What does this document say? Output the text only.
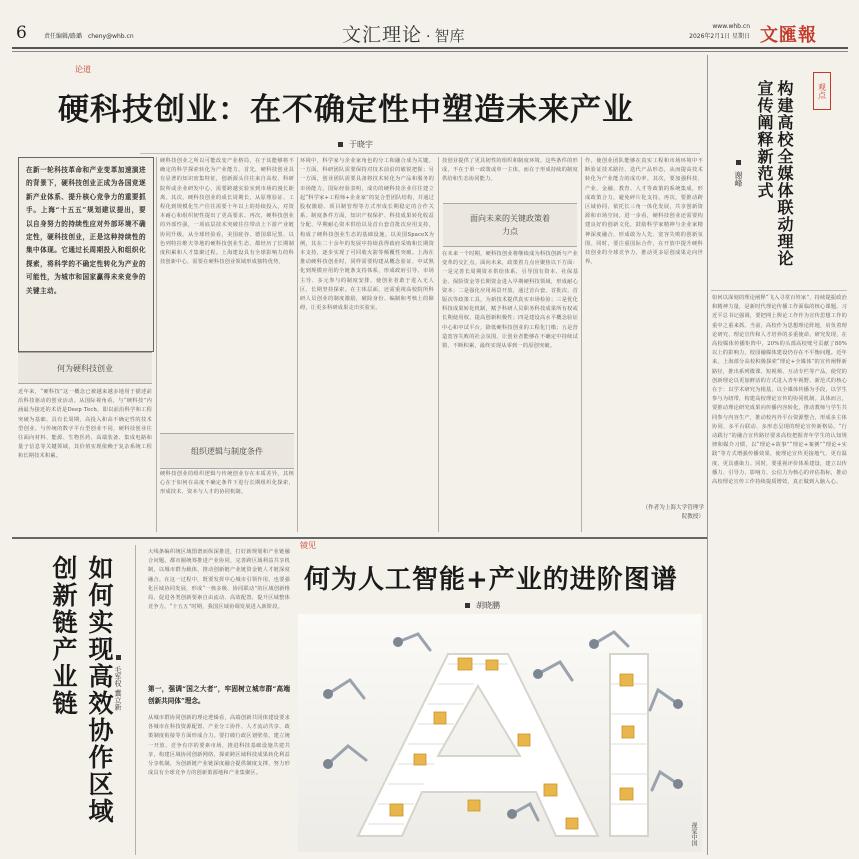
6	责任编辑/路璐 cheny@whb.cn	文汇理论 · 智库
www.whb.cn
2026年2月1日 星期日 文匯報
论道
硬科技创业：在不确定性中塑造未来产业
于晓宇
在新一轮科技革命和产业变革加速演进的背景下，硬科技创业正成为各国竞逐新产业体系、提升核心竞争力的重要抓手。上海“十五五”规划建议提出，要以自身努力的持续性应对外部环境不确定性，硬科技创业，正是这种持续性的集中体现。它通过长周期投入和组织化探索，将科学的不确定性转化为产业的可能性，为城市和国家赢得未来竞争的关键主动。
何为硬科技创业
近年来，“硬科技”这一概念已被越来越多地用于描述前沿科技驱动的创业活动。从国际视角看，与“硬科技”内涵最为接近的术语是Deep Tech，即以前沿科学和工程突破为基础、具有长周期、高投入和高不确定性的技术型创业。与传统的数字平台型创业不同，硬科技创业往往面向材料、能源、生物医药、高端装备、集成电路和量子信息等关键领域，其价值实现依赖于复杂系统工程和长期技术积累。
硬科技创业之所以可能改变产业格局，在于其能够将不确定的科学探索转化为产业能力。首先，硬科技创业具有显著的知识密集特征，创新源头往往来自高校、科研院所或企业研发中心，需要跨越实验室到市场的漫长距离。其次，硬科技创业的成长周期长，从原理验证、工程化到规模化生产往往需要十年以上的持续投入，对资本耐心和组织韧性提出了更高要求。再次，硬科技创业的外部性强，一项底层技术突破往往带动上下游产业链协同升级。从全球经验看，美国硅谷、德国慕尼黑、以色列特拉维夫等地的硬科技创业生态，都经历了长期制度积累和人才集聚过程。上海建设具有全球影响力的科技创新中心，需要在硬科技创业领域形成独特优势。
组织逻辑与制度条件
硬科技创业的组织逻辑与传统创业存在本质差异，其核心在于如何在高度不确定条件下进行长期组织化探索，形成技术、资本与人才的协同机制。
环境中，科学家与企业家角色的分工和融合成为关键。一方面，科研团队需要保持对技术前沿的敏锐把握；另一方面，创业团队需要具备将技术转化为产品和服务的市场能力。国际经验表明，成功的硬科技企业往往建立起“科学家+工程师+企业家”的复合型团队结构，并通过股权激励、项目制管理等方式形成长期稳定的合作关系。制度条件方面，知识产权保护、科技成果转化收益分配、早期耐心资本供给以及首台套首批次应用支持，构成了硬科技创业生态的基础设施。以美国SpaceX为例，其在二十余年的发展中持续获得政府采购和长期资本支持，逐步实现了可回收火箭等颠覆性突破。上海在推动硬科技创业时，同样需要构建从概念验证、中试熟化到规模应用的全链条支持体系，形成政府引导、市场主导、多元参与的制度安排，使创业者敢于进入无人区、长期坚持探索。在主体层面，还需重视高校院所科研人员创业的制度激励，破除身份、编制和考核上的障碍，让更多科研成果走出实验室。
面向未来的关键政策着力点
技创业提供了更具韧性的组织和制度环境。这些条件的形成，不在于单一政策或单一主体，而在于形成持续的制度供给和生态协同能力。
在未来一个时期，硬科技创业将继续成为科技创新与产业变革的交汇点。面向未来，政策着力点应聚焦以下方面：一是完善长周期资本供给体系，引导国有资本、社保基金、保险资金等长期资金进入早期硬科技领域，形成耐心资本；二是强化应用场景开放，通过首台套、首批次、首版次等政策工具，为新技术提供真实市场检验；三是优化科技成果转化机制，赋予科研人员职务科技成果所有权或长期使用权，提高创新积极性；四是建设高水平概念验证中心和中试平台，降低硬科技创业的工程化门槛；五是营造宽容失败的社会氛围，让创业者能够在不确定中持续试错、不断积累，最终实现从零到一的原创突破。
作，使创业团队能够在真实工程和市场环境中不断验证技术路径、迭代产品形态，从而提高技术转化为产业能力的成功率。其次，要加强科技、产业、金融、教育、人才等政策的系统集成，形成政策合力，避免碎片化支持。再次，要推动跨区域协同，依托长三角一体化发展，共享创新资源和市场空间。进一步看，硬科技创业还需要构建良好的创新文化，鼓励科学家精神与企业家精神深度融合，形成敢为人先、宽容失败的创新氛围。同时，要注重国际合作，在开放中提升硬科技创业的全球竞争力，推动更多原创成果走向世界。
（作者为上海大学管理学院教授）
观点
构建高校全媒体联动理论宣传阐释新范式
谢峰
如何以深刻的理论阐释“飞入寻常百姓家”，持续提振政治和精神力量，是新时代理论传播工作面临的核心课题。习近平总书记强调，要把网上舆论工作作为宣传思想工作的重中之重来抓。当前，高校作为思想理论阵地，肩负着理论研究、理论宣传和人才培养的多重使命。研究发现，在高校媒体传播矩阵中，20%的头部高校账号贡献了80%以上的影响力，校园融媒体建设仍存在不平衡问题。近年来，上海部分高校积极探索“理论+全媒体”的宣传阐释新路径，推出系列微课、短视频、互动专栏等产品，使党的创新理论以更加鲜活的方式进入青年视野。新范式的核心在于：以学术研究为根基，以全媒体传播为手段，以学生参与为纽带，构建高校理论宣传的协同机制。具体而言，要推动理论研究成果向传播内容转化，推动教师与学生共同参与内容生产，推动校内外平台资源整合，形成多主体协同、多平台联动、多形态呈现的理论宣传新格局。“行动践行”的融合宣传路径要求高校把握青年学生的认知规律和媒介习惯，以“理论+故事”“理论+案例”“理论+实践”等方式增强传播效果，使理论宣传更接地气、更有温度、更具感染力。同时，要重视评价体系建设，建立以传播力、引导力、影响力、公信力为核心的评估指标，推动高校理论宣传工作持续提质增效，真正做到入脑入心。
如何实现高效协作区域创新链产业链	毛军权 冀立新
大线条编织统区域图谱而纵深推进，打好新规划和产业链融合问题。都市圈统筹推进产业协同，完善跨区域利益共享机制，以城市群为载体，推动创新链产业链资金链人才链深度融合。在这一过程中，既要发挥中心城市引领作用，也要强化区域协同发展，形成“一核多极、协同联动”的区域创新格局，促进各类创新要素自由流动、高效配置，提升区域整体竞争力。“十五五”时期，我国区域协调发展进入新阶段。
第一，强调“国之大者”，牢固树立城市群“高端创新共同体”理念。
从城市群协同创新的理论逻辑看，高端创新共同体建设要求各城市在科技资源配置、产业分工协作、人才流动共享、政策制度衔接等方面形成合力。要打破行政区划壁垒，建立统一开放、竞争有序的要素市场，推进科技基础设施共建共享，构建区域协同创新网络，探索跨区域科技成果转化利益分享机制，为创新链产业链深度融合提供制度支撑，努力形成具有全球竞争力的创新策源地和产业集聚区。
镜见
何为人工智能+产业的进阶图谱
胡晓鹏
视觉中国
